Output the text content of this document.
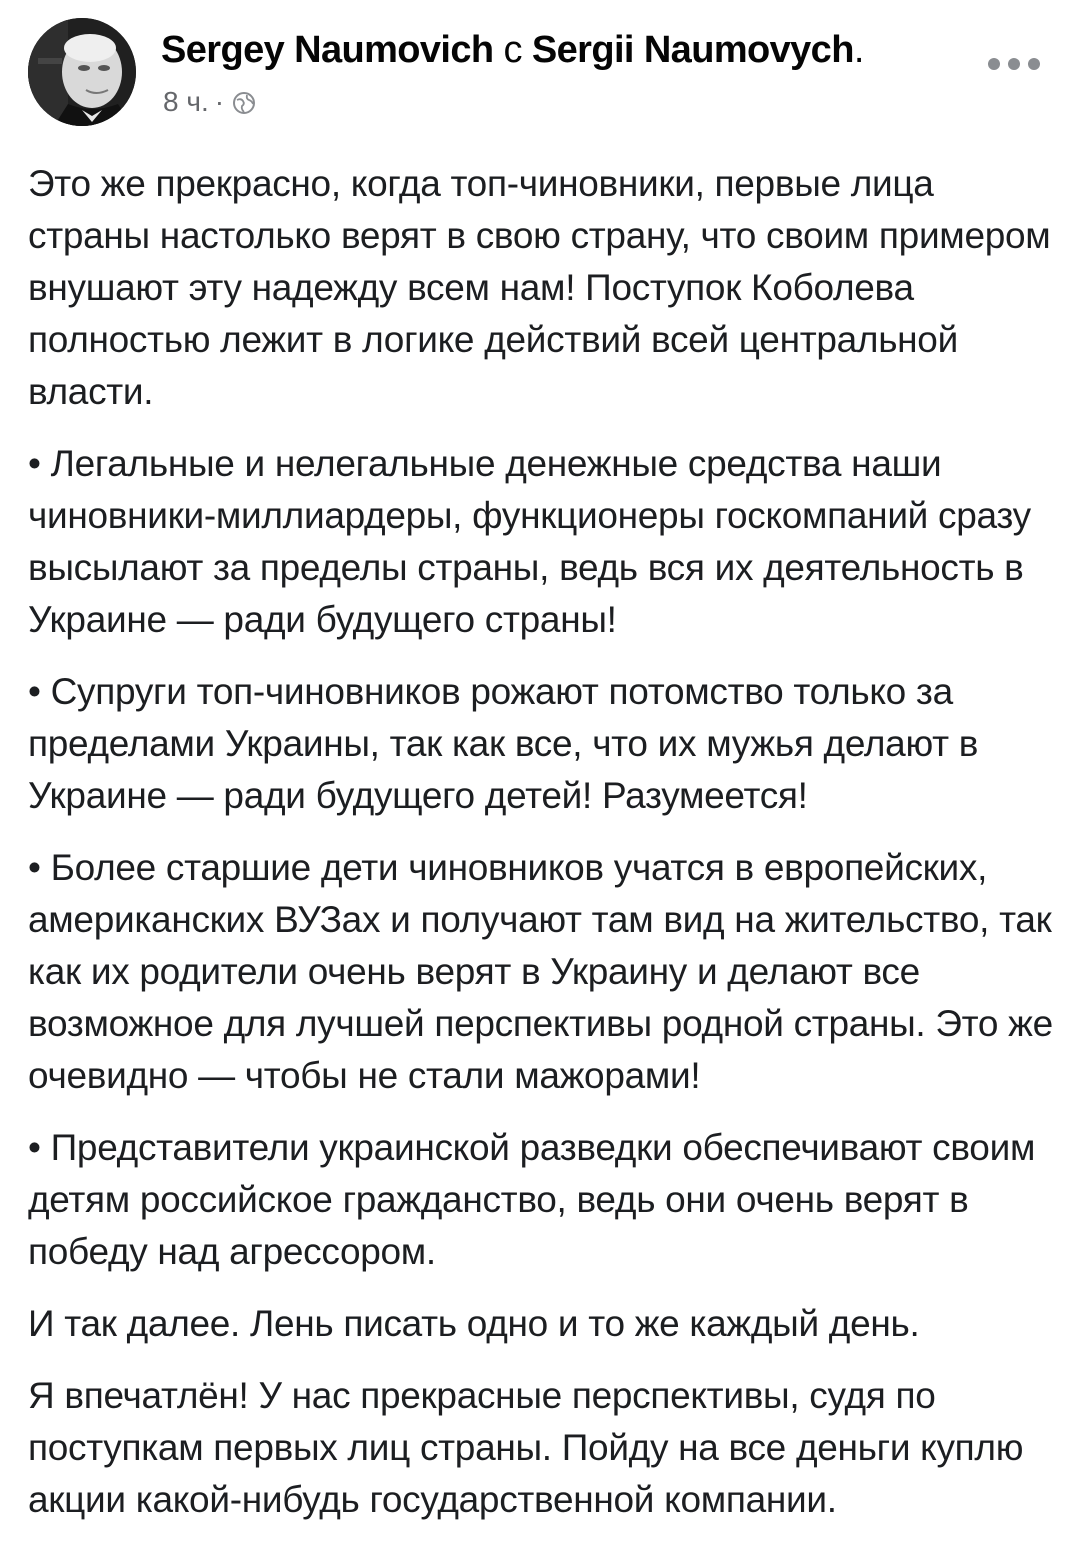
Sergey Naumovich с Sergii Naumovych.
8 ч. ·

Это же прекрасно, когда топ-чиновники, первые лица страны настолько верят в свою страну, что своим примером внушают эту надежду всем нам! Поступок Коболева полностью лежит в логике действий всей центральной власти.

• Легальные и нелегальные денежные средства наши чиновники-миллиардеры, функционеры госкомпаний сразу высылают за пределы страны, ведь вся их деятельность в Украине — ради будущего страны!

• Супруги топ-чиновников рожают потомство только за пределами Украины, так как все, что их мужья делают в Украине — ради будущего детей! Разумеется!

• Более старшие дети чиновников учатся в европейских, американских ВУЗах и получают там вид на жительство, так как их родители очень верят в Украину и делают все возможное для лучшей перспективы родной страны. Это же очевидно — чтобы не стали мажорами!

• Представители украинской разведки обеспечивают своим детям российское гражданство, ведь они очень верят в победу над агрессором.

И так далее. Лень писать одно и то же каждый день.

Я впечатлён! У нас прекрасные перспективы, судя по поступкам первых лиц страны. Пойду на все деньги куплю акции какой-нибудь государственной компании.
